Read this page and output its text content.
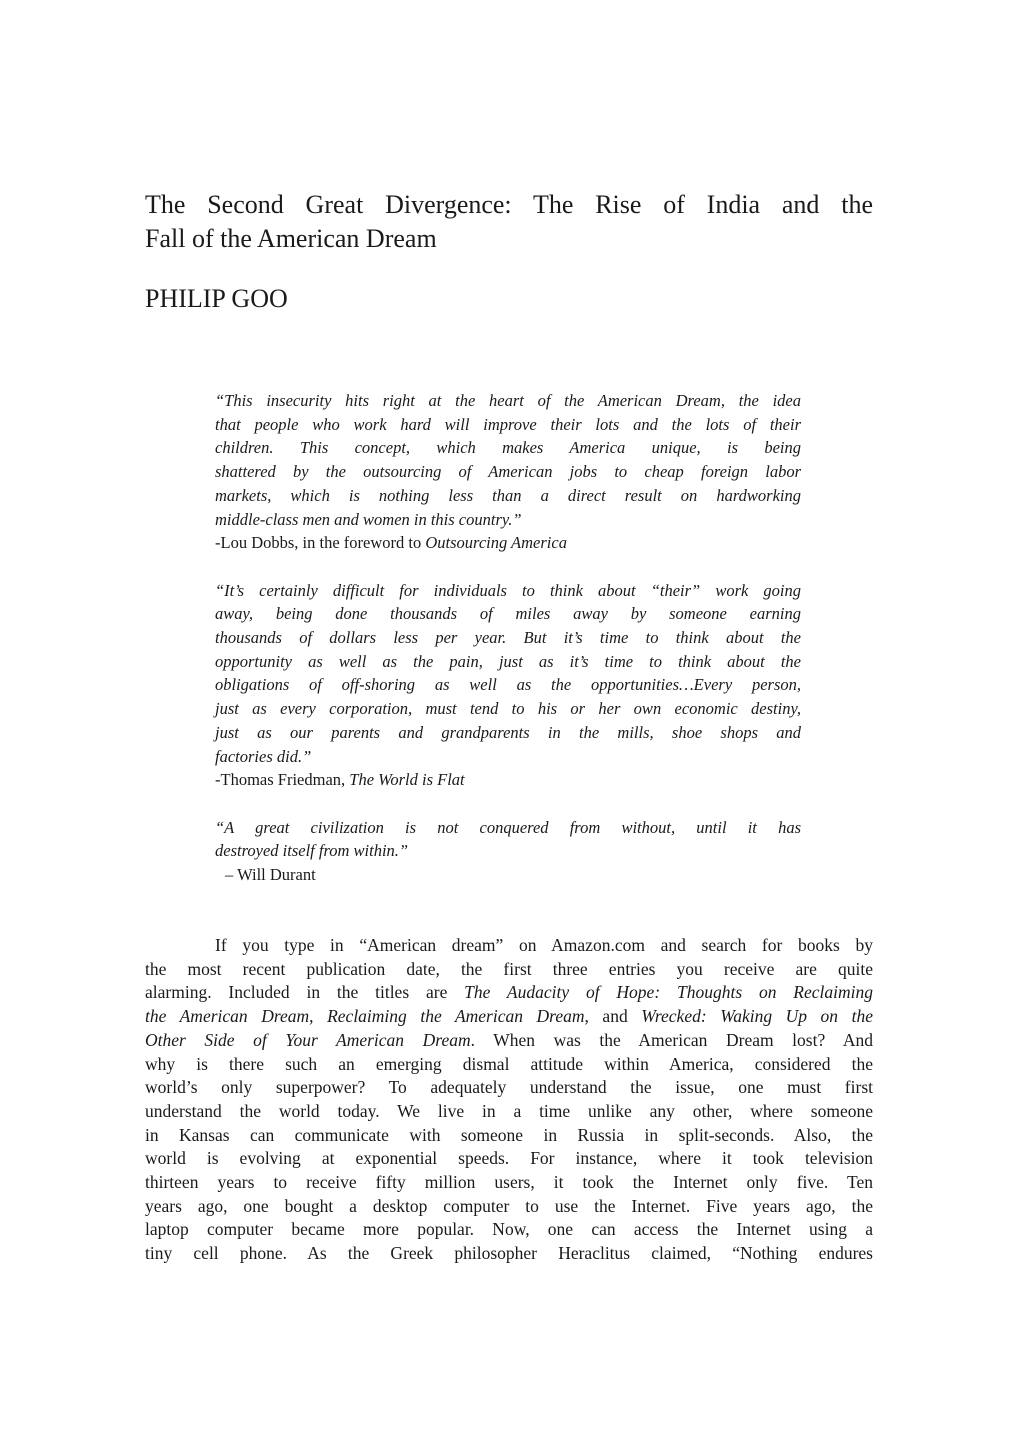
The Second Great Divergence: The Rise of India and the
Fall of the American Dream
PHILIP GOO
“This insecurity hits right at the heart of the American Dream, the idea
that people who work hard will improve their lots and the lots of their
children. This concept, which makes America unique, is being
shattered by the outsourcing of American jobs to cheap foreign labor
markets, which is nothing less than a direct result on hardworking
middle-class men and women in this country.”
-Lou Dobbs, in the foreword to Outsourcing America
“It’s certainly difficult for individuals to think about “their” work going
away, being done thousands of miles away by someone earning
thousands of dollars less per year. But it’s time to think about the
opportunity as well as the pain, just as it’s time to think about the
obligations of off-shoring as well as the opportunities…Every person,
just as every corporation, must tend to his or her own economic destiny,
just as our parents and grandparents in the mills, shoe shops and
factories did.”
-Thomas Friedman, The World is Flat
“A great civilization is not conquered from without, until it has
destroyed itself from within.”
– Will Durant
If you type in “American dream” on Amazon.com and search for books by
the most recent publication date, the first three entries you receive are quite
alarming. Included in the titles are The Audacity of Hope: Thoughts on Reclaiming
the American Dream, Reclaiming the American Dream, and Wrecked: Waking Up on the
Other Side of Your American Dream. When was the American Dream lost? And
why is there such an emerging dismal attitude within America, considered the
world’s only superpower? To adequately understand the issue, one must first
understand the world today. We live in a time unlike any other, where someone
in Kansas can communicate with someone in Russia in split-seconds. Also, the
world is evolving at exponential speeds. For instance, where it took television
thirteen years to receive fifty million users, it took the Internet only five. Ten
years ago, one bought a desktop computer to use the Internet. Five years ago, the
laptop computer became more popular. Now, one can access the Internet using a
tiny cell phone. As the Greek philosopher Heraclitus claimed, “Nothing endures
